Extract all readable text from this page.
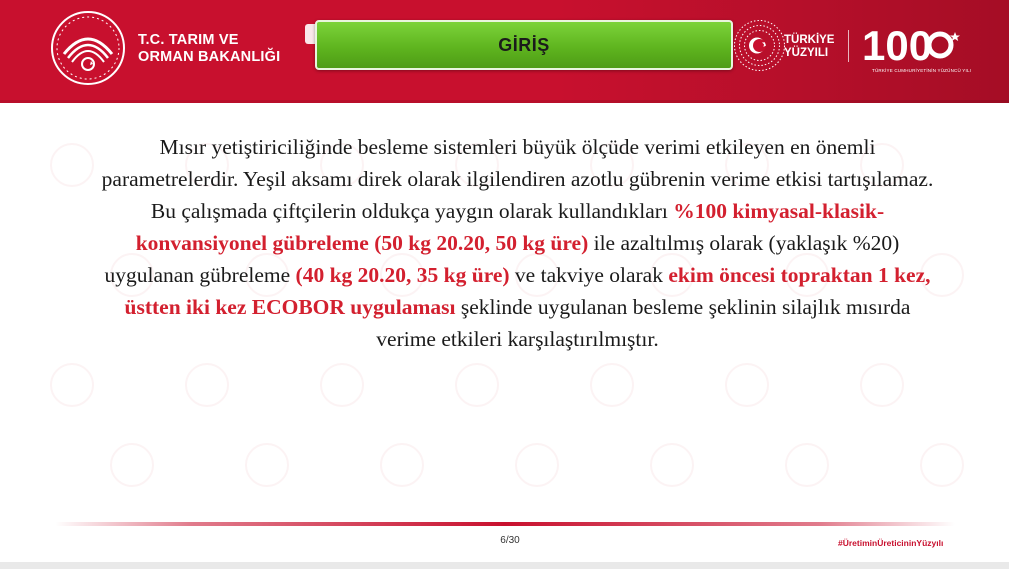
T.C. TARIM VE
ORMAN BAKANLIĞI
GİRİŞ	TÜRKİYE
YÜZYILI 100
TÜRKİYE CUMHURİYETİNİN YÜZÜNCÜ YILI
Mısır yetiştiriciliğinde besleme sistemleri büyük ölçüde verimi etkileyen en önemli parametrelerdir. Yeşil aksamı direk olarak ilgilendiren azotlu gübrenin verime etkisi tartışılamaz. Bu çalışmada çiftçilerin oldukça yaygın olarak kullandıkları %100 kimyasal-klasik-konvansiyonel gübreleme (50 kg 20.20, 50 kg üre) ile azaltılmış olarak (yaklaşık %20) uygulanan gübreleme (40 kg 20.20, 35 kg üre) ve takviye olarak ekim öncesi topraktan 1 kez, üstten iki kez ECOBOR uygulaması şeklinde uygulanan besleme şeklinin silajlık mısırda verime etkileri karşılaştırılmıştır.
6/30	#ÜretiminÜreticininYüzyılı
